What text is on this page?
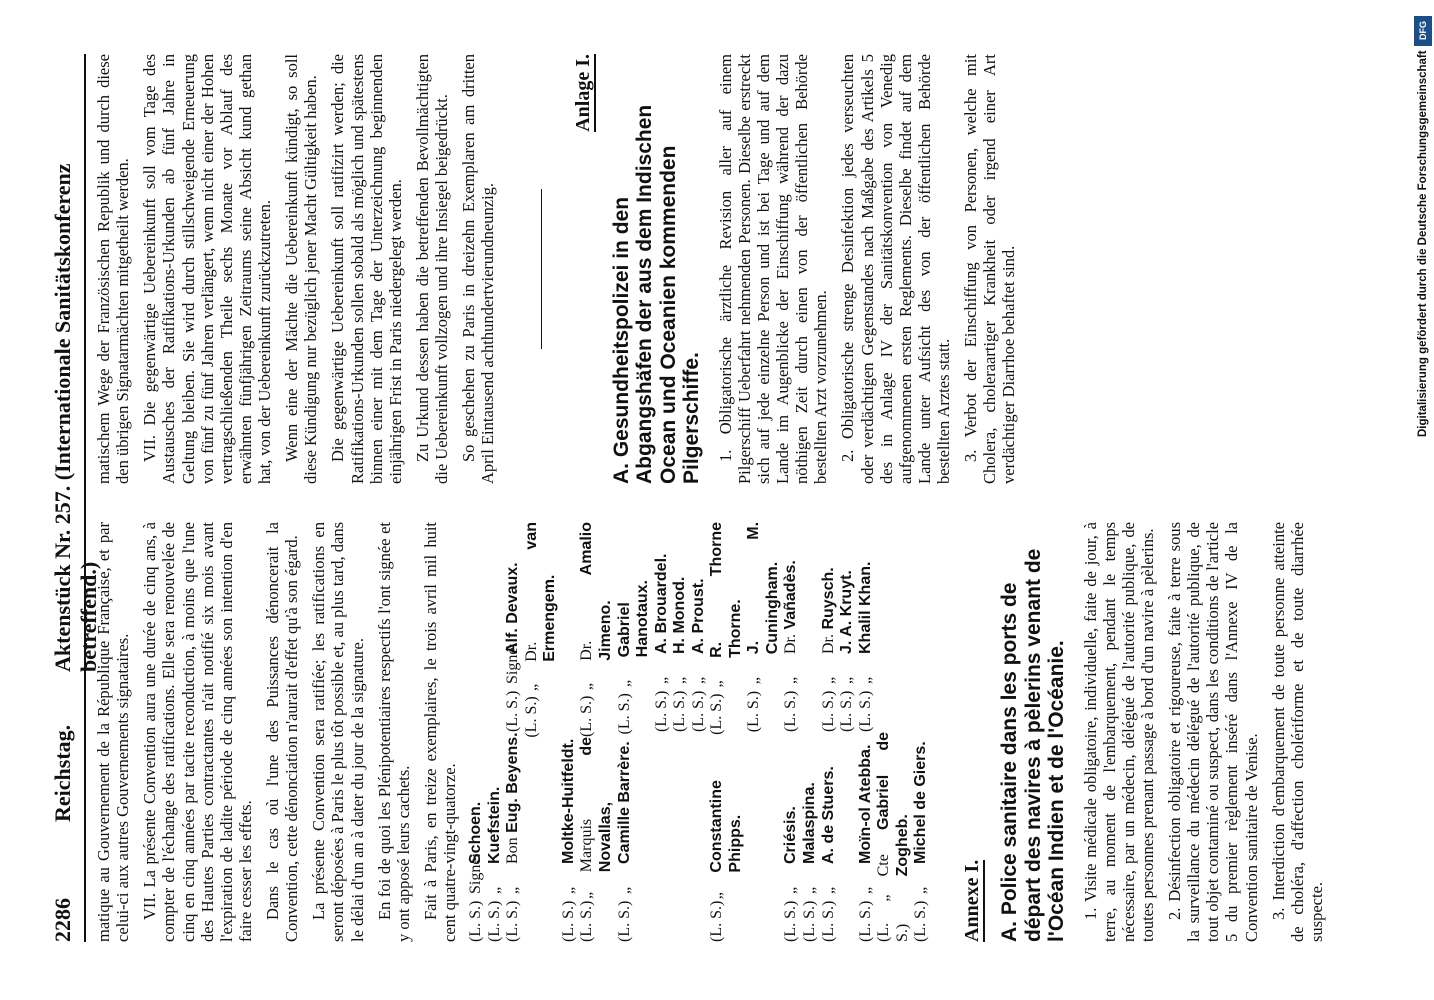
2286
Reichstag.
Aktenstück Nr. 257. (Internationale Sanitätskonferenz betreffend.)

matique au Gouvernement de la République Française, et par celui-ci aux autres Gouvernements signataires. VII. La présente Convention aura une durée de cinq ans, à compter de l'échange des ratifications. Elle sera renouvelée de cinq en cinq années par tacite reconduction, à moins que l'une des Hautes Parties contractantes n'ait notifié six mois avant l'expiration de ladite période de cinq années son intention d'en faire cesser les effets. Dans le cas où l'une des Puissances dénoncerait la Convention, cette dénonciation n'aurait d'effet qu'à son égard. La présente Convention sera ratifiée; les ratifications en seront déposées à Paris le plus tôt possible et, au plus tard, dans le délai d'un an à dater du jour de la signature. En foi de quoi les Plénipotentiaires respectifs l'ont signée et y ont apposé leurs cachets. Fait à Paris, en treize exemplaires, le trois avril mil huit cent quatre-vingt-quatorze. (L. S.)
Signé:
Schoen.
(L. S.)
„
Kuefstein.
(L. S.)
„
Bon Eug. Beyens.
(L. S.)
Signé:
Alf. Devaux.
(L. S.)
„
Dr. van Ermengem.
(L. S.)
„
Moltke-Huitfeldt.
(L. S.)
„
Marquis de Novallas,
(L. S.)
„
Dr. Amalio Jimeno.
(L. S.)
„
Camille Barrère.
(L. S.)
„
Gabriel Hanotaux.
(L. S.)
„
A. Brouardel.
(L. S.)
„
H. Monod.
(L. S.)
„
A. Proust.
(L. S.)
„
Constantine Phipps.
(L. S.)
„
R. Thorne Thorne.
(L. S.)
„
J. M. Cuningham.
(L. S.)
„
Criésis.
(L. S.)
„
Dr. Vañadès.
(L. S.)
„
Malaspina.
(L. S.)
„
A. de Stuers.
(L. S.)
„
Dr. Ruysch.
(L. S.)
„
J. A. Kruyt.
(L. S.)
„
Moïn-ol Atebba.
(L. S.)
„
Khalil Khan.
(L. S.)
„
Cte Gabriel de Zogheb.
(L. S.)
„
Michel de Giers.
Annexe I. A. Police sanitaire dans les ports de départ des navires à pèlerins venant de l'Océan Indien et de l'Océanie. 1. Visite médicale obligatoire, individuelle, faite de jour, à terre, au moment de l'embarquement, pendant le temps nécessaire, par un médecin, délégué de l'autorité publique, de toutes personnes prenant passage à bord d'un navire à pèlerins. 2. Désinfection obligatoire et rigoureuse, faite à terre sous la surveillance du médecin délégué de l'autorité publique, de tout objet contaminé ou suspect, dans les conditions de l'article 5 du premier règlement inséré dans l'Annexe IV de la Convention sanitaire de Venise. 3. Interdiction d'embarquement de toute personne atteinte de choléra, d'affection cholériforme et de toute diarrhée suspecte.

matischem Wege der Französischen Republik und durch diese den übrigen Signatarmächten mitgetheilt werden. VII. Die gegenwärtige Uebereinkunft soll vom Tage des Austausches der Ratifikations-Urkunden ab fünf Jahre in Geltung bleiben. Sie wird durch stillschweigende Erneuerung von fünf zu fünf Jahren verlängert, wenn nicht einer der Hohen vertragschließenden Theile sechs Monate vor Ablauf des erwähnten fünfjährigen Zeitraums seine Absicht kund gethan hat, von der Uebereinkunft zurückzutreten. Wenn eine der Mächte die Uebereinkunft kündigt, so soll diese Kündigung nur bezüglich jener Macht Gültigkeit haben. Die gegenwärtige Uebereinkunft soll ratifizirt werden; die Ratifikations-Urkunden sollen sobald als möglich und spätestens binnen einer mit dem Tage der Unterzeichnung beginnenden einjährigen Frist in Paris niedergelegt werden. Zu Urkund dessen haben die betreffenden Bevollmächtigten die Uebereinkunft vollzogen und ihre Insiegel beigedrückt. So geschehen zu Paris in dreizehn Exemplaren am dritten April Eintausend achthundertvierundneunzig.

Anlage I.
A. Gesundheitspolizei in den Abgangshäfen der aus dem Indischen Ocean und Oceanien kommenden Pilgerschiffe. 1. Obligatorische ärztliche Revision aller auf einem Pilgerschiff Ueberfahrt nehmenden Personen. Dieselbe erstreckt sich auf jede einzelne Person und ist bei Tage und auf dem Lande im Augenblicke der Einschiffung während der dazu nöthigen Zeit durch einen von der öffentlichen Behörde bestellten Arzt vorzunehmen. 2. Obligatorische strenge Desinfektion jedes verseuchten oder verdächtigen Gegenstandes nach Maßgabe des Artikels 5 des in Anlage IV der Sanitätskonvention von Venedig aufgenommenen ersten Reglements. Dieselbe findet auf dem Lande unter Aufsicht des von der öffentlichen Behörde bestellten Arztes statt. 3. Verbot der Einschiffung von Personen, welche mit Cholera, choleraartiger Krankheit oder irgend einer Art verdächtiger Diarrhoe behaftet sind.

DFG
Digitalisierung gefördert durch die Deutsche Forschungsgemeinschaft
